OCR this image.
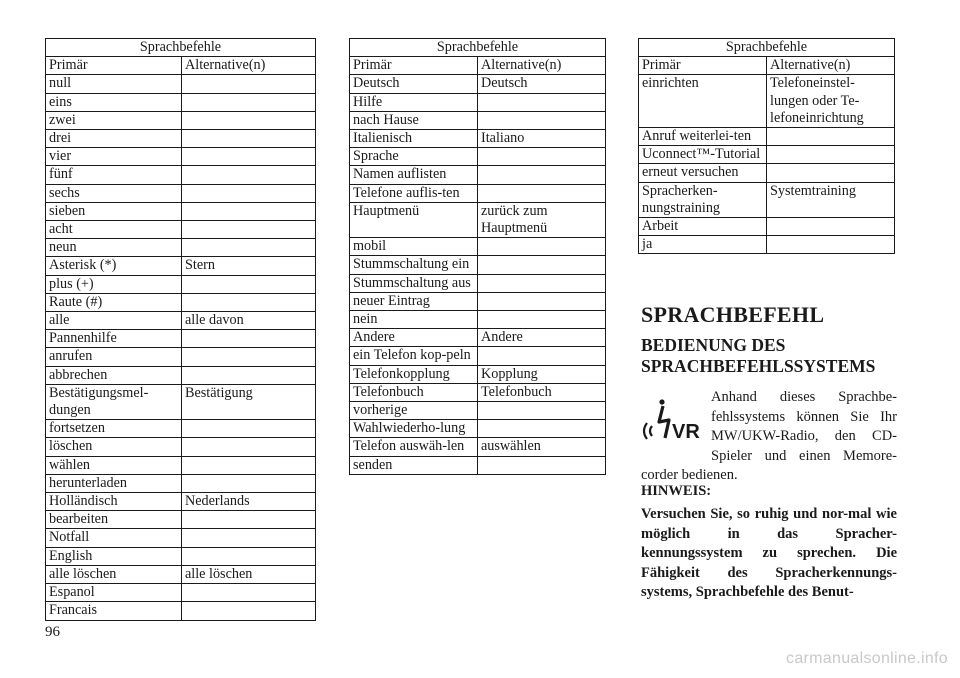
Sprachbefehle	
Primär	Alternative(n)
null	
eins	
zwei	
drei	
vier	
fünf	
sechs	
sieben	
acht	
neun	
Asterisk (*)	Stern
plus (+)	
Raute (#)	
alle	alle davon
Pannenhilfe	
anrufen	
abbrechen	
Bestätigungsmel-dungen	Bestätigung
fortsetzen	
löschen	
wählen	
herunterladen	
Holländisch	Nederlands
bearbeiten	
Notfall	
English	
alle löschen	alle löschen
Espanol	
Francais	
Sprachbefehle	
Primär	Alternative(n)
Deutsch	Deutsch
Hilfe	
nach Hause	
Italienisch	Italiano
Sprache	
Namen auflisten	
Telefone auflis-ten	
Hauptmenü	zurück zum Hauptmenü
mobil	
Stummschaltung ein	
Stummschaltung aus	
neuer Eintrag	
nein	
Andere	Andere
ein Telefon kop-peln	
Telefonkopplung	Kopplung
Telefonbuch	Telefonbuch
vorherige	
Wahlwiederho-lung	
Telefon auswäh-len	auswählen
senden	
Sprachbefehle	
Primär	Alternative(n)
einrichten	Telefoneinstel-lungen oder Te-lefoneinrichtung
Anruf weiterlei-ten	
Uconnect™-Tutorial	
erneut versuchen	
Spracherken-nungstraining	Systemtraining
Arbeit	
ja	
SPRACHBEFEHL
BEDIENUNG DES SPRACHBEFEHLSSYSTEMS

VR
Anhand dieses Sprachbe-fehlssystems können Sie Ihr MW/UKW-Radio, den CD-Spieler und einen Memore-corder bedienen.

HINWEIS:

Versuchen Sie, so ruhig und nor-mal wie möglich in das Spracher-kennungssystem zu sprechen. Die Fähigkeit des Spracherkennungs-systems, Sprachbefehle des Benut-

96
carmanualsonline.info
